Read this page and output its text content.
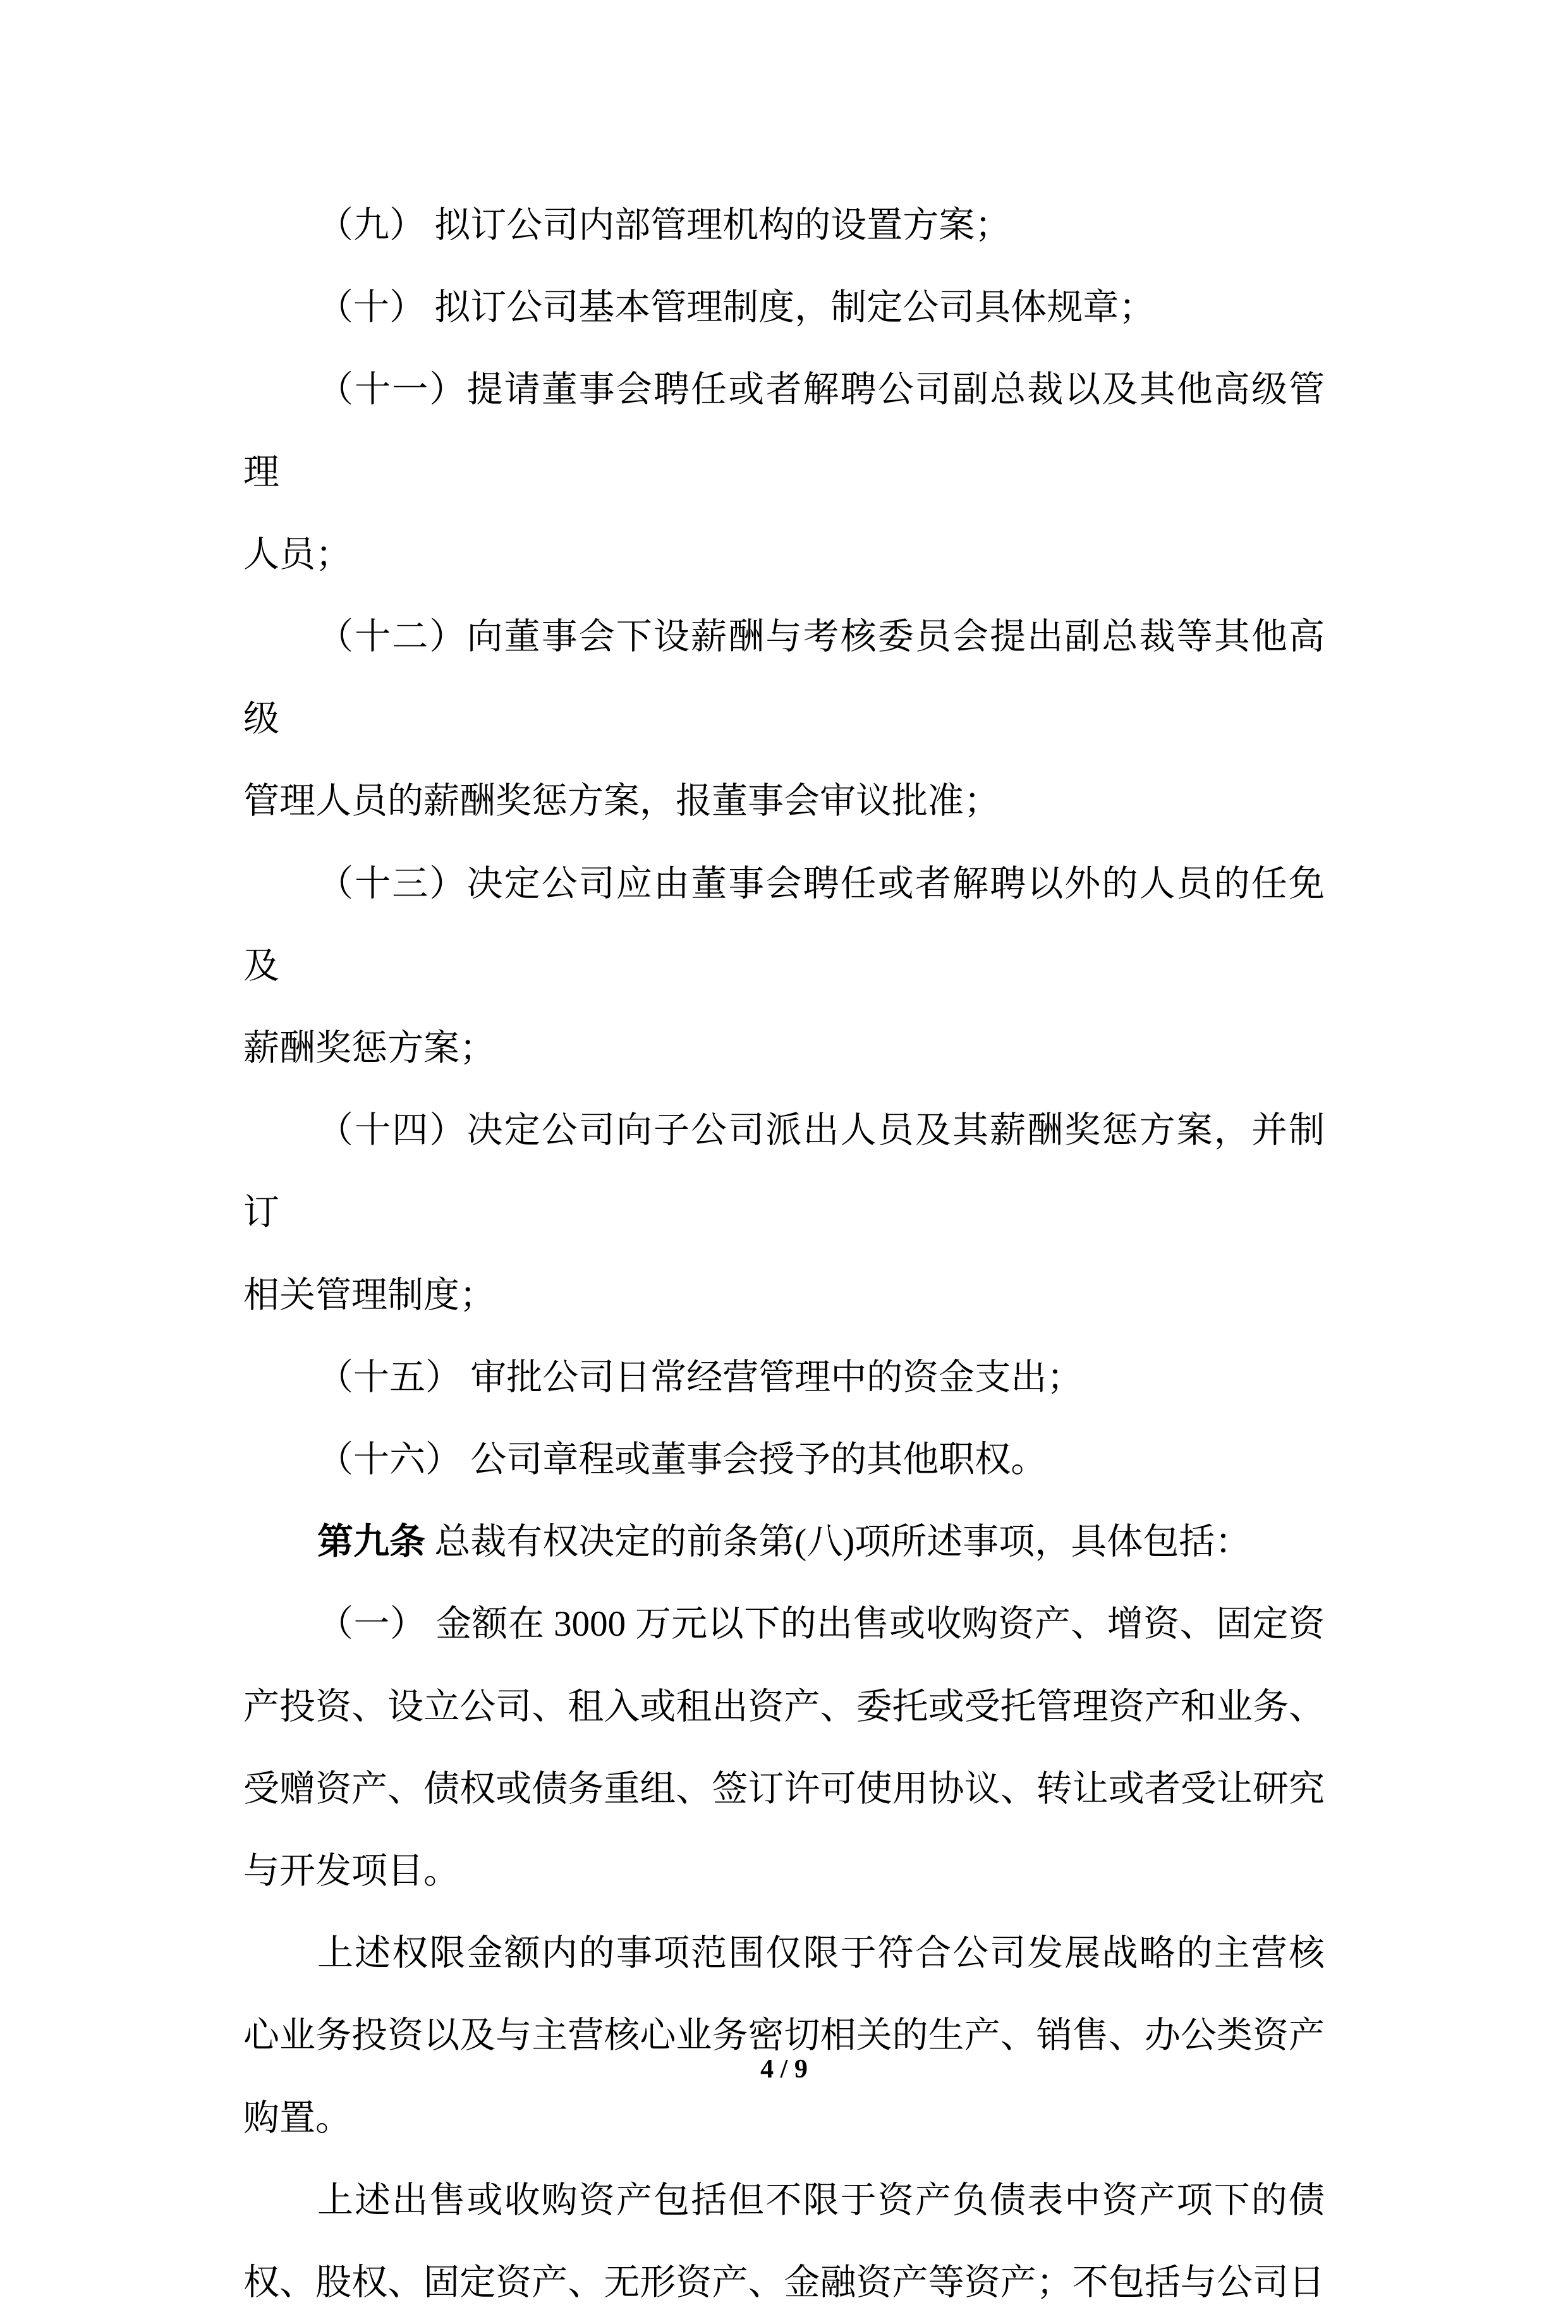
（九） 拟订公司内部管理机构的设置方案；
（十） 拟订公司基本管理制度，制定公司具体规章；
（十一）提请董事会聘任或者解聘公司副总裁以及其他高级管理
人员；
（十二）向董事会下设薪酬与考核委员会提出副总裁等其他高级
管理人员的薪酬奖惩方案，报董事会审议批准；
（十三）决定公司应由董事会聘任或者解聘以外的人员的任免及
薪酬奖惩方案；
（十四）决定公司向子公司派出人员及其薪酬奖惩方案，并制订
相关管理制度；
（十五） 审批公司日常经营管理中的资金支出；
（十六） 公司章程或董事会授予的其他职权。
第九条 总裁有权决定的前条第(八)项所述事项，具体包括：
（一） 金额在 3000 万元以下的出售或收购资产、增资、固定资
产投资、设立公司、租入或租出资产、委托或受托管理资产和业务、
受赠资产、债权或债务重组、签订许可使用协议、转让或者受让研究
与开发项目。
上述权限金额内的事项范围仅限于符合公司发展战略的主营核
心业务投资以及与主营核心业务密切相关的生产、销售、办公类资产
购置。
上述出售或收购资产包括但不限于资产负债表中资产项下的债
权、股权、固定资产、无形资产、金融资产等资产；不包括与公司日
4 / 9
